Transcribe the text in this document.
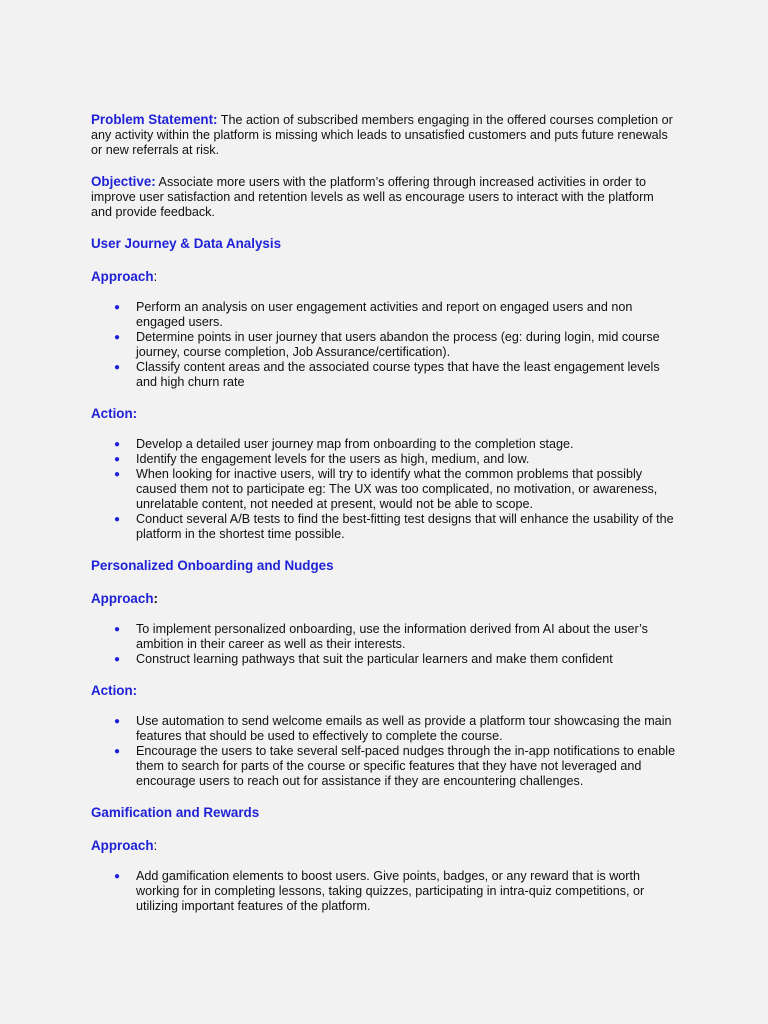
Problem Statement: The action of subscribed members engaging in the offered courses completion or any activity within the platform is missing which leads to unsatisfied customers and puts future renewals or new referrals at risk.

Objective: Associate more users with the platform’s offering through increased activities in order to improve user satisfaction and retention levels as well as encourage users to interact with the platform and provide feedback.

User Journey & Data Analysis
Approach:
● Perform an analysis on user engagement activities and report on engaged users and non engaged users.
● Determine points in user journey that users abandon the process (eg: during login, mid course journey, course completion, Job Assurance/certification).
● Classify content areas and the associated course types that have the least engagement levels and high churn rate
Action:
● Develop a detailed user journey map from onboarding to the completion stage.
● Identify the engagement levels for the users as high, medium, and low.
● When looking for inactive users, will try to identify what the common problems that possibly caused them not to participate eg: The UX was too complicated, no motivation, or awareness, unrelatable content, not needed at present, would not be able to scope.
● Conduct several A/B tests to find the best-fitting test designs that will enhance the usability of the platform in the shortest time possible.
Personalized Onboarding and Nudges
Approach:
● To implement personalized onboarding, use the information derived from AI about the user’s ambition in their career as well as their interests.
● Construct learning pathways that suit the particular learners and make them confident
Action:
● Use automation to send welcome emails as well as provide a platform tour showcasing the main features that should be used to effectively to complete the course.
● Encourage the users to take several self-paced nudges through the in-app notifications to enable them to search for parts of the course or specific features that they have not leveraged and encourage users to reach out for assistance if they are encountering challenges.
Gamification and Rewards
Approach:
● Add gamification elements to boost users. Give points, badges, or any reward that is worth working for in completing lessons, taking quizzes, participating in intra-quiz competitions, or utilizing important features of the platform.
